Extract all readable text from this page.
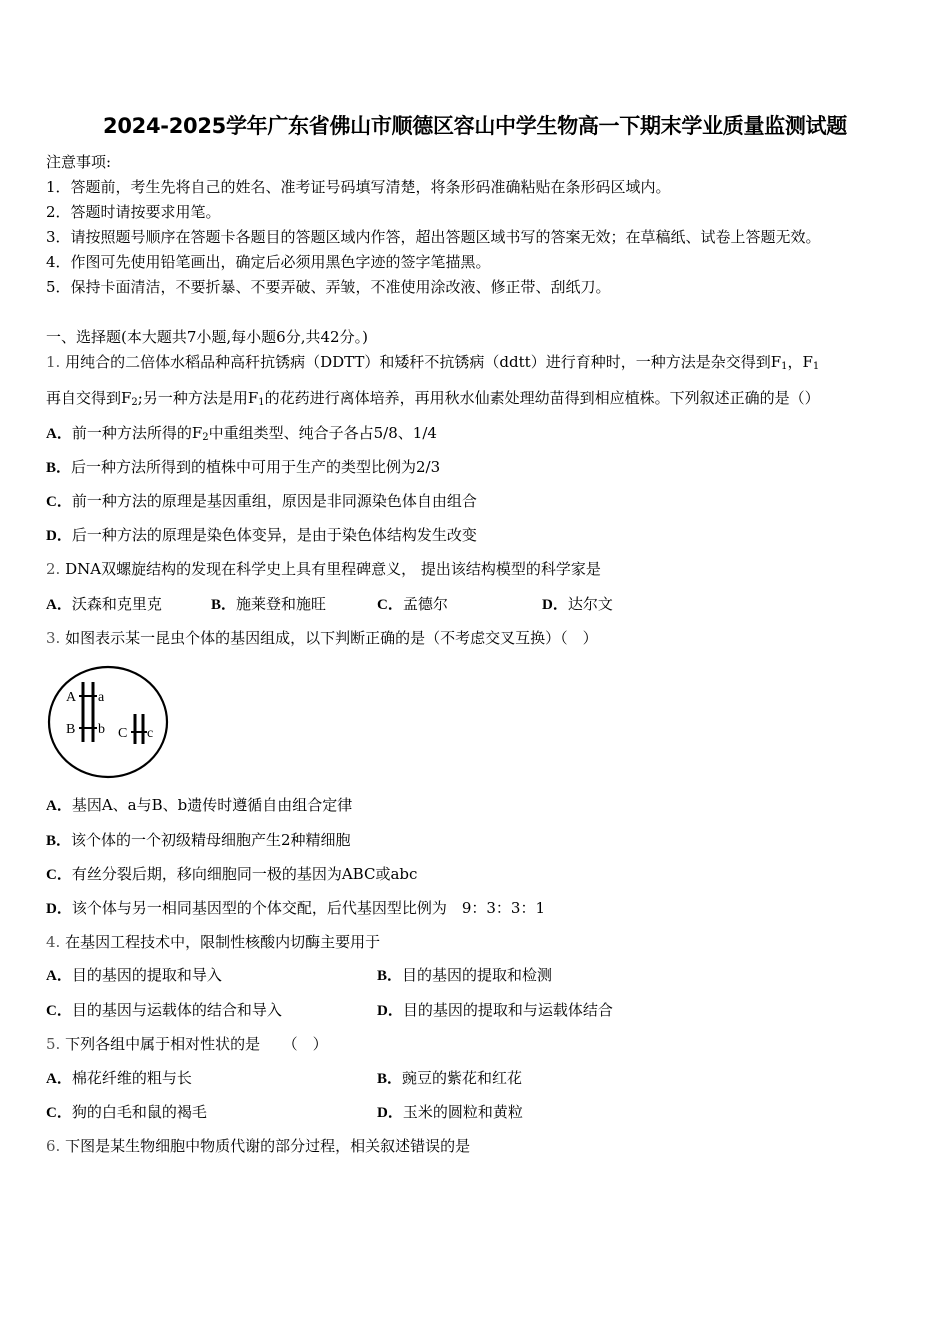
2024-2025学年广东省佛山市顺德区容山中学生物高一下期末学业质量监测试题
注意事项:
1．答题前，考生先将自己的姓名、准考证号码填写清楚，将条形码准确粘贴在条形码区域内。
2．答题时请按要求用笔。
3．请按照题号顺序在答题卡各题目的答题区域内作答，超出答题区域书写的答案无效；在草稿纸、试卷上答题无效。
4．作图可先使用铅笔画出，确定后必须用黑色字迹的签字笔描黑。
5．保持卡面清洁，不要折暴、不要弄破、弄皱，不准使用涂改液、修正带、刮纸刀。
一、选择题(本大题共7小题,每小题6分,共42分。)
1. 用纯合的二倍体水稻品种高秆抗锈病（DDTT）和矮秆不抗锈病（ddtt）进行育种时，一种方法是杂交得到$F_1$，$F_1$
再自交得到$F_2$;另一种方法是用$F_1$的花药进行离体培养，再用秋水仙素处理幼苗得到相应植株。下列叙述正确的是（）
A．前一种方法所得的$F_2$中重组类型、纯合子各占5/8、1/4
B．后一种方法所得到的植株中可用于生产的类型比例为2/3
C．前一种方法的原理是基因重组，原因是非同源染色体自由组合
D．后一种方法的原理是染色体变异，是由于染色体结构发生改变
2. DNA双螺旋结构的发现在科学史上具有里程碑意义， 提出该结构模型的科学家是
A．沃森和克里克	B．施莱登和施旺	C．孟德尔	D．达尔文
3. 如图表示某一昆虫个体的基因组成，以下判断正确的是（不考虑交叉互换）（　）
A a
B b C c
A．基因A、a与B、b遗传时遵循自由组合定律
B．该个体的一个初级精母细胞产生2种精细胞
C．有丝分裂后期，移向细胞同一极的基因为ABC或abc
D．该个体与另一相同基因型的个体交配，后代基因型比例为　9：3：3：1
4. 在基因工程技术中，限制性核酸内切酶主要用于
A．目的基因的提取和导入	B．目的基因的提取和检测
C．目的基因与运载体的结合和导入	D．目的基因的提取和与运载体结合
5. 下列各组中属于相对性状的是　　（　）
A．棉花纤维的粗与长	B．豌豆的紫花和红花
C．狗的白毛和鼠的褐毛	D．玉米的圆粒和黄粒
6. 下图是某生物细胞中物质代谢的部分过程，相关叙述错误的是
